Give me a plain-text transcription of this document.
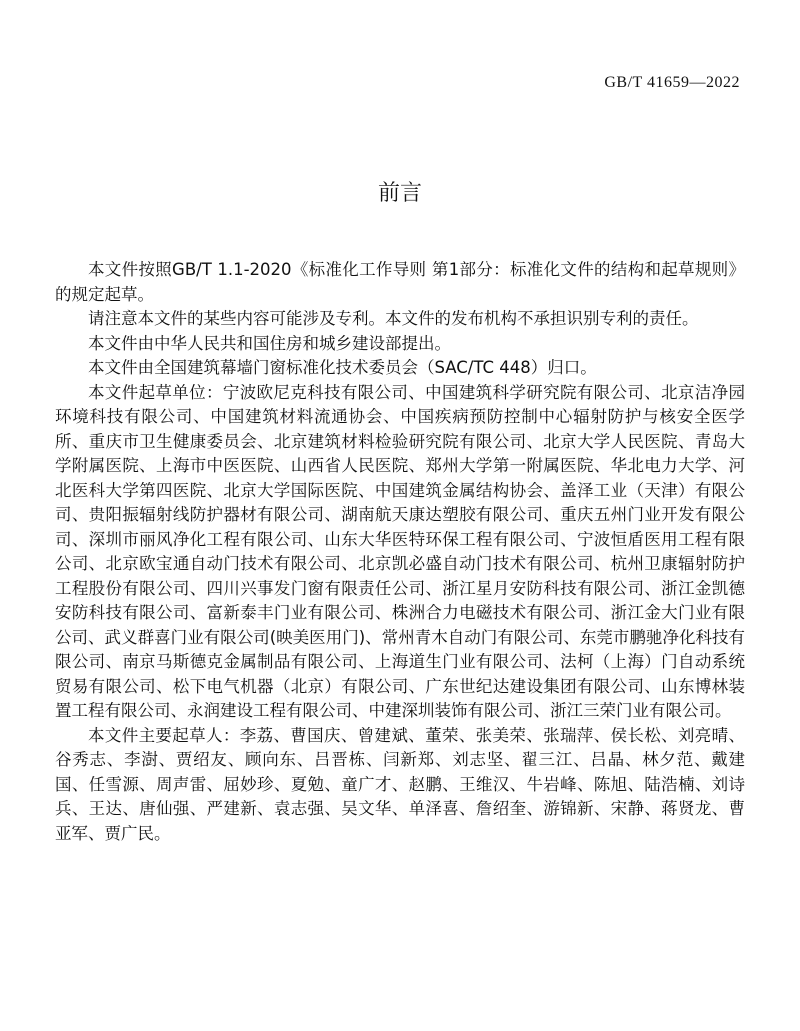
GB/T 41659—2022
前言

本文件按照GB/T 1.1-2020《标准化工作导则 第1部分：标准化文件的结构和起草规则》的规定起草。

请注意本文件的某些内容可能涉及专利。本文件的发布机构不承担识别专利的责任。

本文件由中华人民共和国住房和城乡建设部提出。

本文件由全国建筑幕墙门窗标准化技术委员会（SAC/TC 448）归口。

本文件起草单位：宁波欧尼克科技有限公司、中国建筑科学研究院有限公司、北京洁净园环境科技有限公司、中国建筑材料流通协会、中国疾病预防控制中心辐射防护与核安全医学所、重庆市卫生健康委员会、北京建筑材料检验研究院有限公司、北京大学人民医院、青岛大学附属医院、上海市中医医院、山西省人民医院、郑州大学第一附属医院、华北电力大学、河北医科大学第四医院、北京大学国际医院、中国建筑金属结构协会、盖泽工业（天津）有限公司、贵阳振辐射线防护器材有限公司、湖南航天康达塑胶有限公司、重庆五州门业开发有限公司、深圳市丽风净化工程有限公司、山东大华医特环保工程有限公司、宁波恒盾医用工程有限公司、北京欧宝通自动门技术有限公司、北京凯必盛自动门技术有限公司、杭州卫康辐射防护工程股份有限公司、四川兴事发门窗有限责任公司、浙江星月安防科技有限公司、浙江金凯德安防科技有限公司、富新泰丰门业有限公司、株洲合力电磁技术有限公司、浙江金大门业有限公司、武义群喜门业有限公司(映美医用门)、常州青木自动门有限公司、东莞市鹏驰净化科技有限公司、南京马斯德克金属制品有限公司、上海道生门业有限公司、法柯（上海）门自动系统贸易有限公司、松下电气机器（北京）有限公司、广东世纪达建设集团有限公司、山东博林装置工程有限公司、永润建设工程有限公司、中建深圳装饰有限公司、浙江三荣门业有限公司。

本文件主要起草人：李荔、曹国庆、曾建斌、董荣、张美荣、张瑞萍、侯长松、刘亮晴、谷秀志、李澍、贾绍友、顾向东、吕晋栋、闫新郑、刘志坚、翟三江、吕晶、林夕范、戴建国、任雪源、周声雷、屈妙珍、夏勉、童广才、赵鹏、王维汉、牛岩峰、陈旭、陆浩楠、刘诗兵、王达、唐仙强、严建新、袁志强、吴文华、单泽喜、詹绍奎、游锦新、宋静、蒋贤龙、曹亚军、贾广民。
